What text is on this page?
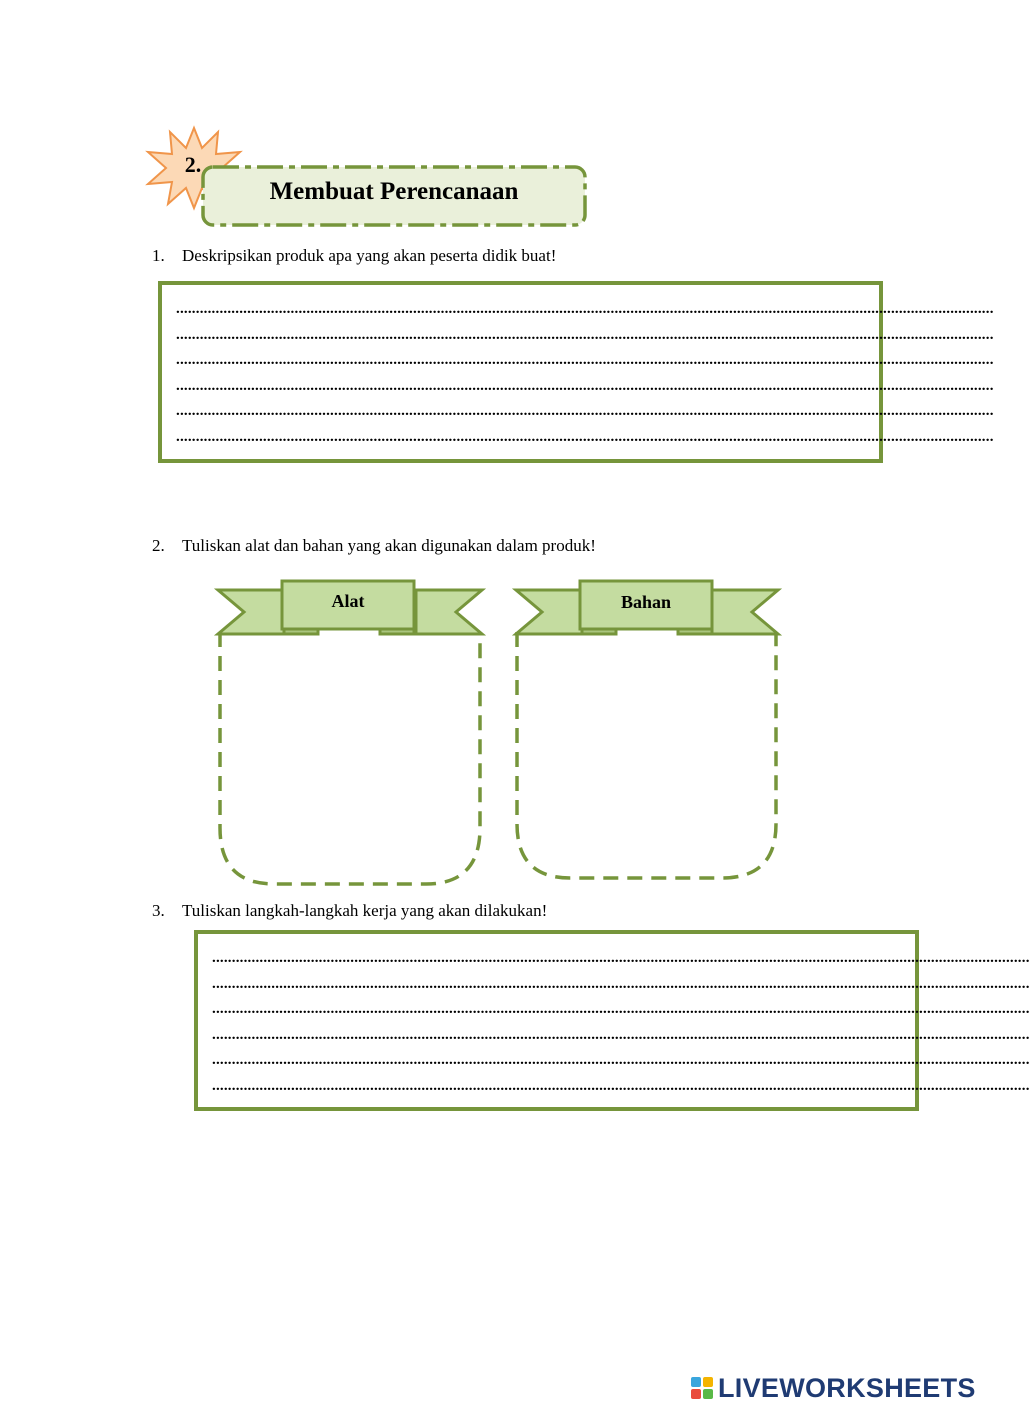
2.
Membuat Perencanaan
1. Deskripsikan produk apa yang akan peserta didik buat!
...............................................................................................................................................................................................................
...............................................................................................................................................................................................................
...............................................................................................................................................................................................................
...............................................................................................................................................................................................................
...............................................................................................................................................................................................................
...............................................................................................................................................................................................................
2. Tuliskan alat dan bahan yang akan digunakan dalam produk!
Alat	Bahan
3. Tuliskan langkah-langkah kerja yang akan dilakukan!
...............................................................................................................................................................................................................
...............................................................................................................................................................................................................
...............................................................................................................................................................................................................
...............................................................................................................................................................................................................
...............................................................................................................................................................................................................
...............................................................................................................................................................................................................
LIVEWORKSHEETS
